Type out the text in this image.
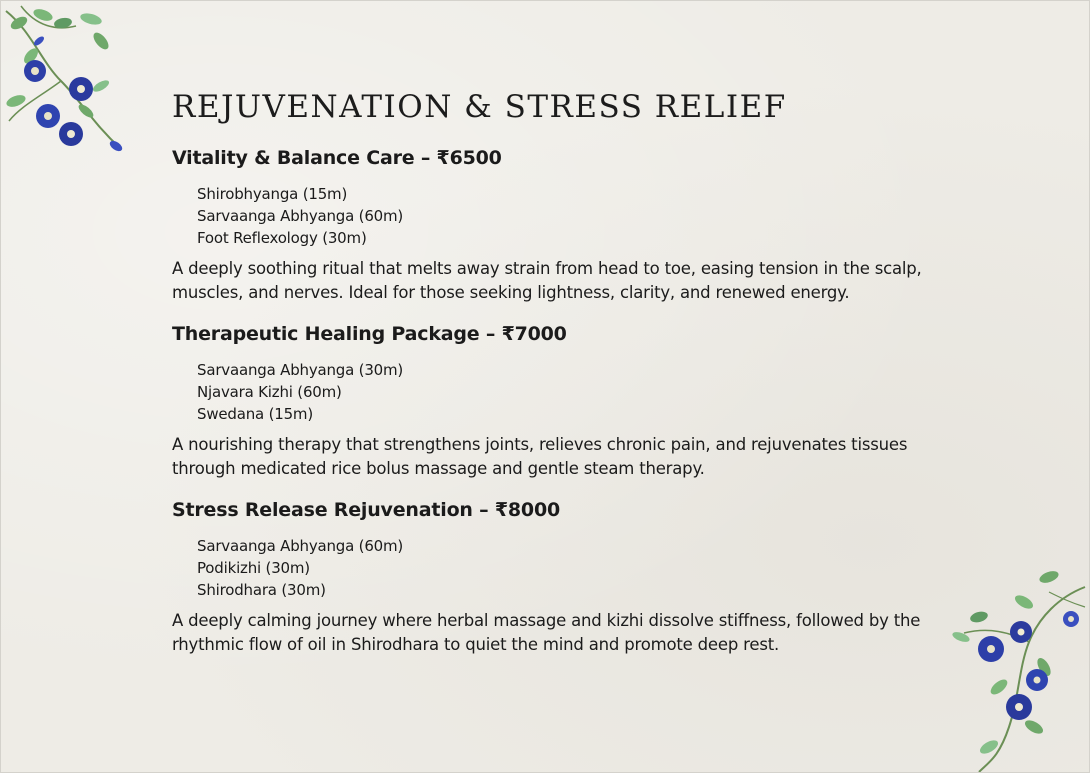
REJUVENATION & STRESS RELIEF
Vitality & Balance Care – ₹6500
Shirobhyanga (15m)
Sarvaanga Abhyanga (60m)
Foot Reflexology (30m)

A deeply soothing ritual that melts away strain from head to toe, easing tension in the scalp, muscles, and nerves. Ideal for those seeking lightness, clarity, and renewed energy.

Therapeutic Healing Package – ₹7000
Sarvaanga Abhyanga (30m)
Njavara Kizhi (60m)
Swedana (15m)

A nourishing therapy that strengthens joints, relieves chronic pain, and rejuvenates tissues through medicated rice bolus massage and gentle steam therapy.

Stress Release Rejuvenation – ₹8000
Sarvaanga Abhyanga (60m)
Podikizhi (30m)
Shirodhara (30m)

A deeply calming journey where herbal massage and kizhi dissolve stiffness, followed by the rhythmic flow of oil in Shirodhara to quiet the mind and promote deep rest.
